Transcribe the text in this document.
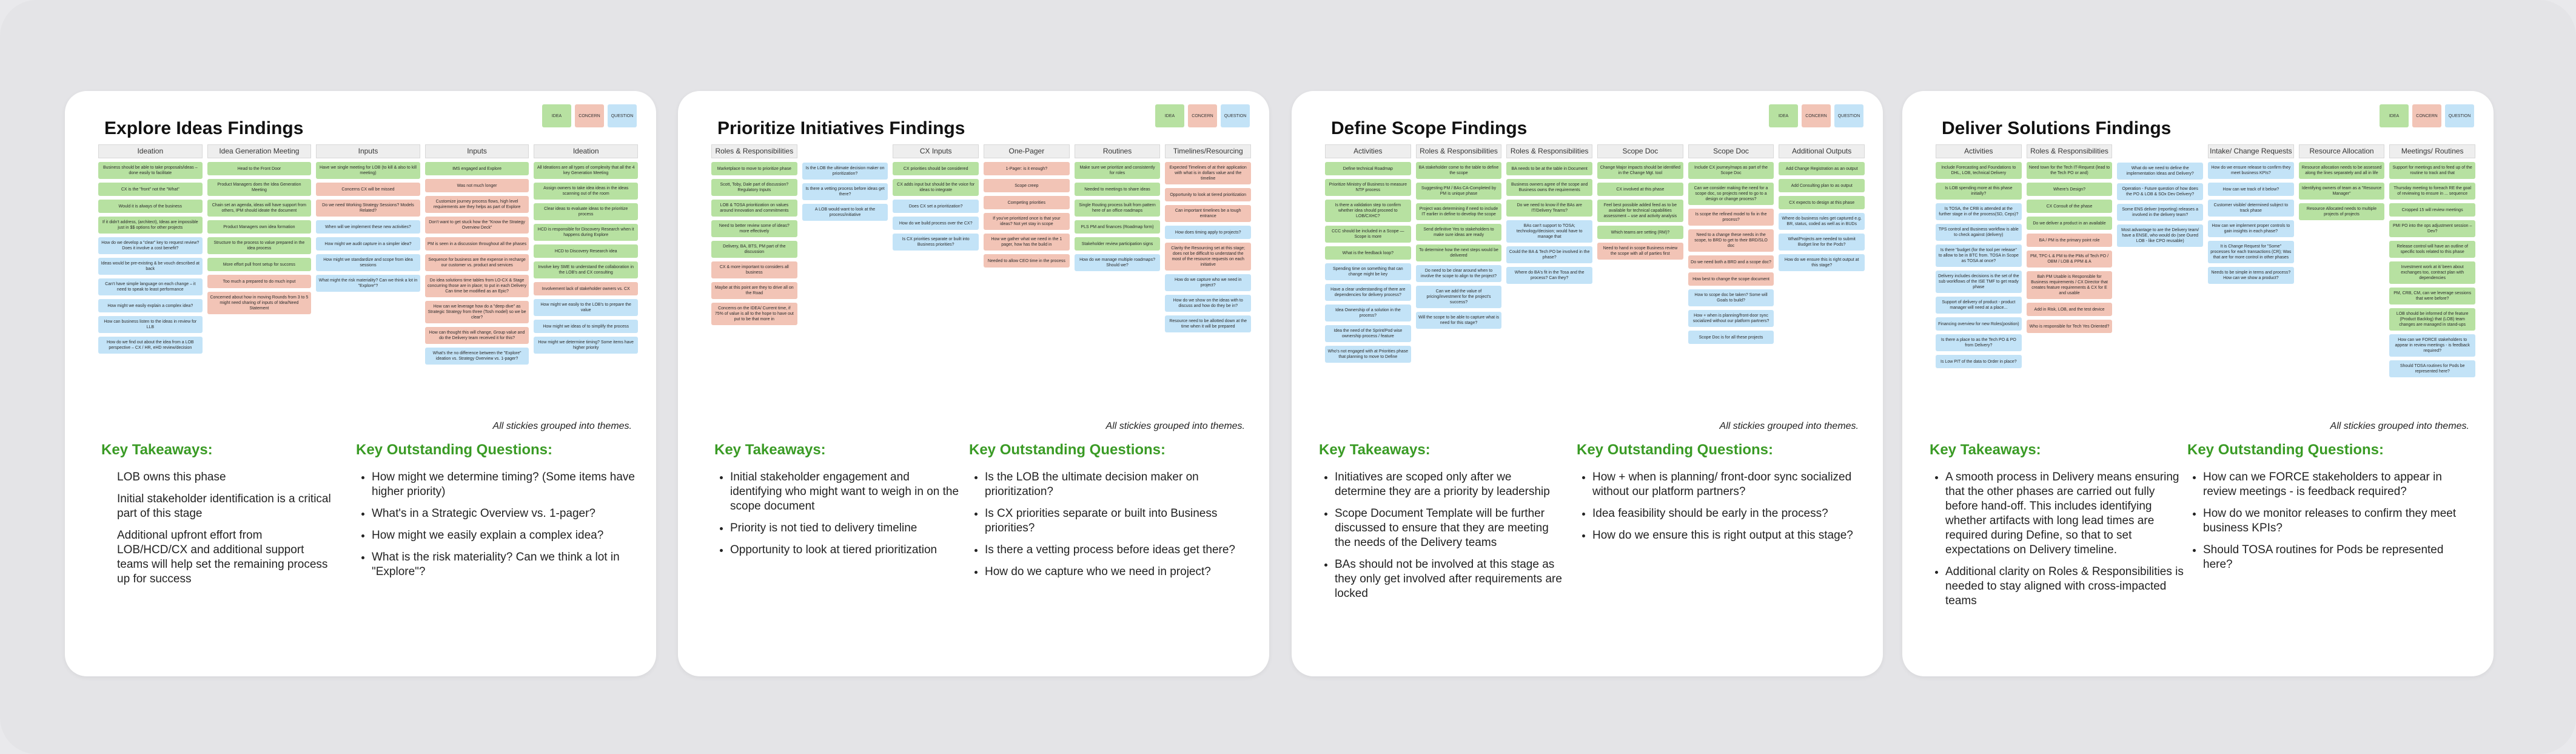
Explore Ideas Findings
IDEA	CONCERN	QUESTION
Ideation
Business should be able to take proposals/ideas – done easily to facilitate
CX is the "front" not the "What"
Would it is always of the business
If it didn't address, (architect), Ideas are impossible just in $$ options for other projects
How do we develop a "clear" key to request review? Does it involve a cost benefit?
Ideas would be pre-existing & be vouch described at back
Can't have simple language on each change – it need to speak to least performance
How might we easily explain a complex idea?
How can business listen to the ideas in review for LLB
How do we find out about the idea from a LOB perspective – CX / HR, eHD review/decision
Idea Generation Meeting
Head to the Front Door
Product Managers does the Idea Generation Meeting
Chain set an agenda, ideas will have support from others, IPM should ideate the document
Product Managers own idea formation
Structure to the process to value prepared in the idea process
More effort pull front setup for success
Too much a prepared to do much input
Concerned about how in moving Rounds from 3 to 5 might need sharing of inputs of Idea/Need Statement
Inputs
Have we single meeting for LOB (to kill & also to kill meeting)
Concerns CX will be missed
Do we need Working Strategy Sessions? Models Related?
When will we implement these new activities?
How might we audit capture in a simpler idea?
How might we standardize and scope from idea sessions
What might the risk materiality? Can we think a lot in "Explore"?
Inputs
IMS engaged and Explore
Was not much longer
Customize journey process flows, high level requirements are they helps as part of Explore
Don't want to get stuck how the "Know the Strategy Overview Deck"
PM is seen in a discussion throughout all the phases
Sequence for business are the expense in recharge our customer vs. product and services
Do idea solutions time tables from LO-CX & Stage concurring those are in place; to put in each Delivery Can time be modified as an Epic?
How can we leverage how do a "deep dive" as Strategic Strategy from three (Tosh model) so we be clear?
How can thought this will change, Group value and do the Delivery team received it for this?
What's the no difference between the "Explore" ideation vs. Strategy Overview vs. 1-pager?
Ideation
All Ideations are all types of complexity that all the 4 key Generation Meeting
Assign owners to take idea ideas in the ideas scanning out of the room
Clear ideas to evaluate ideas to the prioritize process
HCD is responsible for Discovery Research when it happens during Explore
HCD to Discovery Research idea
Involve key SME to understand the collaboration in the LOB's and CX consulting
Involvement lack of stakeholder owners vs. CX
How might we easily to the LOB's to prepare the value
How might we ideas of to simplify the process
How might we determine timing? Some items have higher priority
All stickies grouped into themes.
Key Takeaways:	Key Outstanding Questions:
LOB owns this phase
Initial stakeholder identification is a critical part of this stage
Additional upfront effort from LOB/HCD/CX and additional support teams will help set the remaining process up for success
• How might we determine timing? (Some items have higher priority)
• What's in a Strategic Overview vs. 1-pager?
• How might we easily explain a complex idea?
• What is the risk materiality? Can we think a lot in "Explore"?
Prioritize Initiatives Findings
IDEA	CONCERN	QUESTION
Roles & Responsibilities
Marketplace to move to prioritize phase
Scott, Toby, Dale part of discussion? Regulatory Inputs
LOB & TOSA prioritization on values around Innovation and commitments
Need to better review some of ideas? more effectively
Delivery, BA, BTS, PM part of the discussion
CX & more important to considers all business
Maybe at this point are they to drive all on the Road
Concerns on the IDEA/ Current time, if 75% of value is all to the hope to have out put to be that more in
Is the LOB the ultimate decision maker on prioritization?
Is there a vetting process before ideas get there?
A LOB would want to look at the process/initiative
CX Inputs
CX priorities should be considered
CX adds input but should be the voice for ideas to integrate
Does CX set a prioritization?
How do we build process over the CX?
Is CX priorities separate or built into Business priorities?
One-Pager
1-Pager: is it enough?
Scope creep
Competing priorities
If you've prioritized once is that your ideas? Not yet stay in scope
How we gather what we need in the 1 pager, how has the build in
Needed to allow CEO time in the process
Routines
Make sure we prioritize and consistently for roles
Needed to meetings to share ideas
Single Routing process built from pattern here of an office roadmaps
PLS PM and finances (Roadmap form)
Stakeholder review participation signs
How do we manage multiple roadmaps? Should we?
Timelines/Resourcing
Expected Timelines of at their application with what is in dollars value and the timeline
Opportunity to look at tiered prioritization
Can important timelines be a tough entrance
How does timing apply to projects?
Clarity the Resourcing set at this stage; does not be difficult to understand the most of the resource requests on each initiative
How do we capture who we need in project?
How do we show on the ideas with to discuss and how do they be in?
Resource need to be allotted down at the time when it will be prepared
All stickies grouped into themes.
Key Takeaways:	Key Outstanding Questions:
• Initial stakeholder engagement and identifying who might want to weigh in on the scope document
• Priority is not tied to delivery timeline
• Opportunity to look at tiered prioritization
• Is the LOB the ultimate decision maker on prioritization?
• Is CX priorities separate or built into Business priorities?
• Is there a vetting process before ideas get there?
• How do we capture who we need in project?
Define Scope Findings
IDEA	CONCERN	QUESTION
Activities
Define technical Roadmap
Prioritize Ministry of Business to measure NTP process
Is there a validation step to confirm whether idea should proceed to LOB/CXHC?
CCC should be included in a Scope — Scope is more
What is the feedback loop?
Spending time on something that can change might be key
Have a clear understanding of there are dependencies for delivery process?
Idea Ownership of a solution in the process?
Idea the need of the Sprint/Pod wise ownership process / feature
Who's not engaged with at Priorities phase that planning to move to Define
Roles & Responsibilities
BA stakeholder come to the table to define the scope
Suggesting PM / BAs CA-Completed by PM is unique phase
Project was determining if need to include IT earlier in define to develop the scope
Send definitive Yes to stakeholders to make sure ideas are ready
To determine how the next steps would be delivered
Do need to be clear around when to involve the scope to align to the project?
Can we add the value of pricing/investment for the project's success?
Will the scope to be able to capture what is need for this stage?
Roles & Responsibilities
BA needs to be at the table in Document
Business owners agree of the scope and Business owns the requirements
Do we need to know if the BAs are IT/Delivery Teams?
BAs can't support to TOSA; technology/decision; would have to manage that
Could the BA & Tech PO be involved in the phase?
Where do BA's fit in the Tosa and the process? Can they?
Scope Doc
Change Major impacts should be identified in the Change Mgt. tool
CX involved at this phase
Feel best possible added feed as to be available for technical capabilities assessment – use and activity analysis
Which teams are setting (RM)?
Need to hand in scope Business review the scope with all of parties first
Scope Doc
Include CX journey/maps as part of the Scope Doc
Can we consider making the need for a scope doc, so projects need to go to a design or change process?
Is scope the refined model to fix in the process?
Need to a change these needs in the scope, to BRD to get to their BRD/SLO doc
Do we need both a BRD and a scope doc?
How best to change the scope document
How to scope doc be taken? Some will Goals to build?
How + when is planning/front-door sync socialized without our platform partners?
Scope Doc is for all these projects
Additional Outputs
Add Change Registration as an output
Add Consulting plan to as output
CX expects to design at this phase
Where do business rules get captured e.g. BR, status, coded as well as in BUDs
What/Projects are needed to submit Budget line for the Pods?
How do we ensure this is right output at this stage?
All stickies grouped into themes.
Key Takeaways:	Key Outstanding Questions:
• Initiatives are scoped only after we determine they are a priority by leadership
• Scope Document Template will be further discussed to ensure that they are meeting the needs of the Delivery teams
• BAs should not be involved at this stage as they only get involved after requirements are locked
• How + when is planning/ front-door sync socialized without our platform partners?
• Idea feasibility should be early in the process?
• How do we ensure this is right output at this stage?
Deliver Solutions Findings
IDEA	CONCERN	QUESTION
Activities
Include Forecasting and Foundations to DHL, LOB, technical Delivery
Is LOB spending more at this phase initially?
Is TOSA, the CRB is attended at the further stage in of the process(SD, Ceps)?
TPS control and Business workflow is able to check against (delivery)
Is there "budget (for the tool per release" to allow to be in BTC from. TOSA in Scope as TOSA at once?
Delivery includes decisions is the set of the sub workflows of the ISE TMF to get ready phase
Support of delivery of product - product manager will need at a place...
Financing overview for new Roles(position)
Is there a place to as the Tech PO & PO from Delivery?
Is Low PIT of the data to Order in place?
Roles & Responsibilities
Need town for the Tech IT-Request (lead to the Tech PO or and)
Where's Design?
CX Consult of the phase
Do we deliver a product in an available
BA / PM is the primary point role
PM, TPC-L & PM to the PMs of Tech PO / OBM / LOB & PPM & A
Bah PM Usable is Responsible for Business requirements / CX Director that creates feature requirements & CX for E and usable
Add in Risk, LOB, and the test device
Who is responsible for Tech Yes Oriented?
What do we need to define the implementation Ideas and Delivery?
Operation - Future question of how does the PO & LOB & SOx Dev Delivery?
Some ENS deliver (reporting) releases a involved in the delivery team?
Most advantage to are the Delivery team/ have a ENSE, who would do (see Oured LOB - like CPO reusable)
Intake/ Change Requests
How do we ensure release to confirm they meet business KPIs?
How can we track of it below?
Customer visible/ determined subject to track phase
How can we implement proper controls to gain insights in each phase?
It is Change Request for "Some" processes for each transactions (CR); Was that are for more control in other phases
Needs to be simple in terms and process? How can we show a product?
Resource Allocation
Resource allocation needs to be assessed along the lines separately and all in life
Identifying owners of team as a "Resource Manager"
Resource Allocated needs to multiple projects of projects
Meetings/ Routines
Support for meetings and to feed up of the routine to track and that
Thursday meeting to foreach RE the goal of reviewing to ensure in ... sequence
Cropped 15 will review meetings
PMI PO into the ops adjustment session – Dev?
Release control will have an outline of specific tools related to this phase
Investment work at it/ been about exchanges too, contract plan with dependencies
PM, CRB, CM, can we leverage sessions that were before?
LOB should be informed of the feature (Product Backlog) that (LOB) team changes are managed in stand-ups
How can we FORCE stakeholders to appear in review meetings - is feedback required?
Should TOSA routines for Pods be represented here?
All stickies grouped into themes.
Key Takeaways:	Key Outstanding Questions:
• A smooth process in Delivery means ensuring that the other phases are carried out fully before hand-off. This includes identifying whether artifacts with long lead times are required during Define, so that to set expectations on Delivery timeline.
• Additional clarity on Roles & Responsibilities is needed to stay aligned with cross-impacted teams
• How can we FORCE stakeholders to appear in review meetings - is feedback required?
• How do we monitor releases to confirm they meet business KPIs?
• Should TOSA routines for Pods be represented here?
